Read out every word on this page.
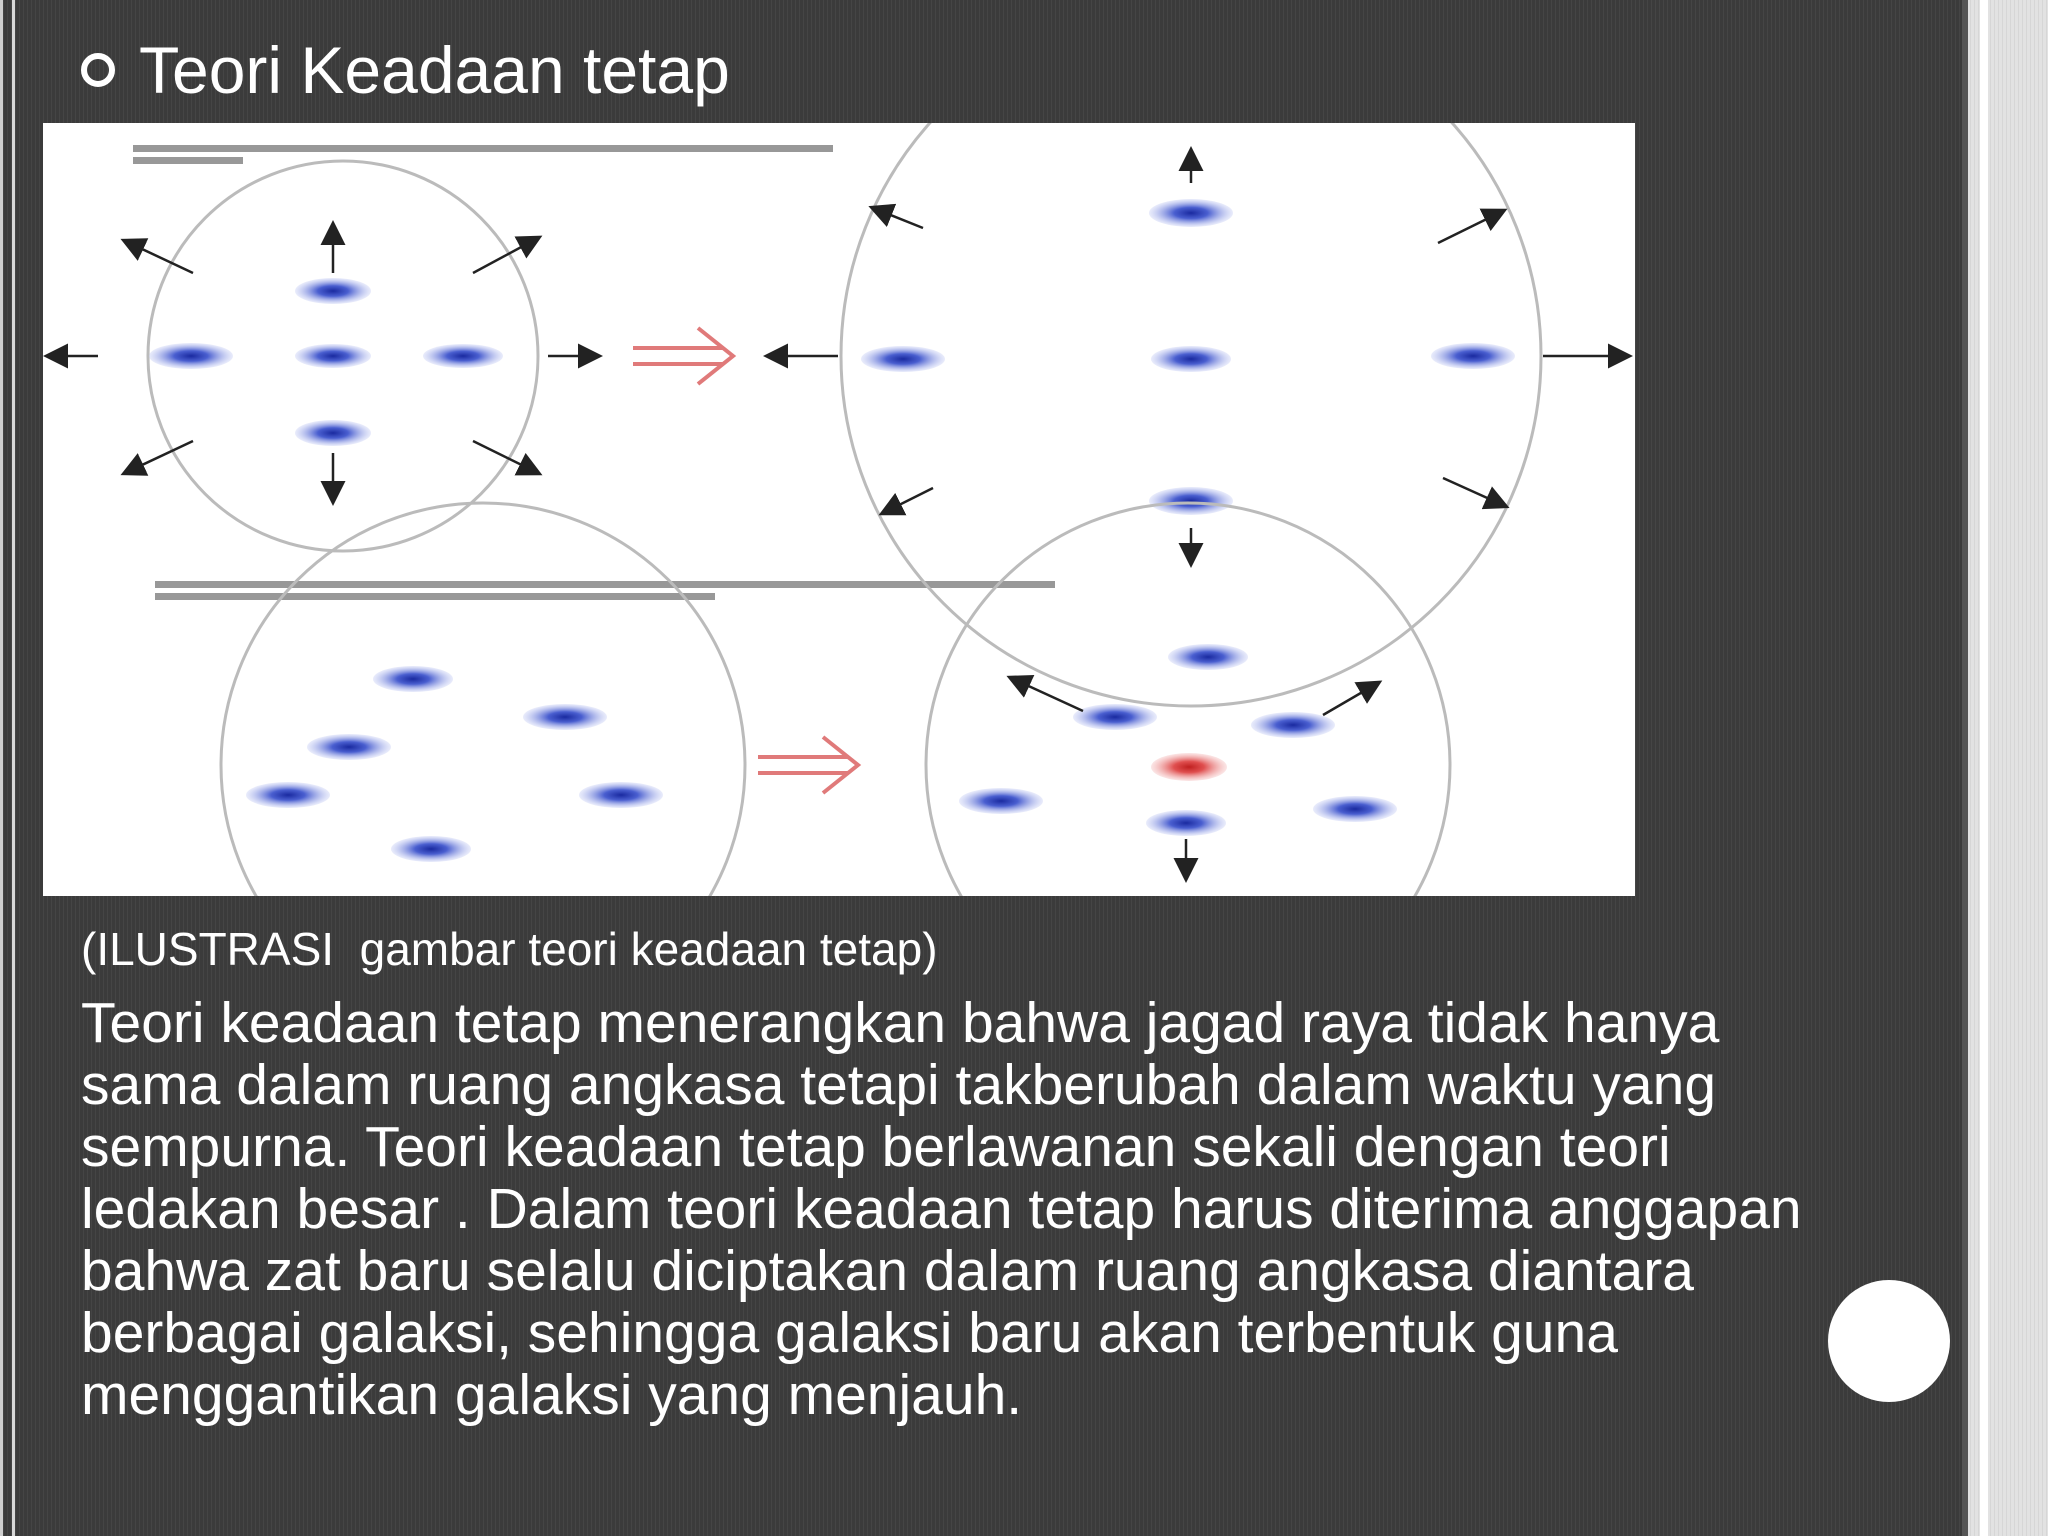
Teori Keadaan tetap
(ILUSTRASI  gambar teori keadaan tetap)
Teori keadaan tetap menerangkan bahwa jagad raya tidak hanya
sama dalam ruang angkasa tetapi takberubah dalam waktu yang
sempurna. Teori keadaan tetap berlawanan sekali dengan teori
ledakan besar . Dalam teori keadaan tetap harus diterima anggapan
bahwa zat baru selalu diciptakan dalam ruang angkasa diantara
berbagai galaksi, sehingga galaksi baru akan terbentuk guna
menggantikan galaksi yang menjauh.
